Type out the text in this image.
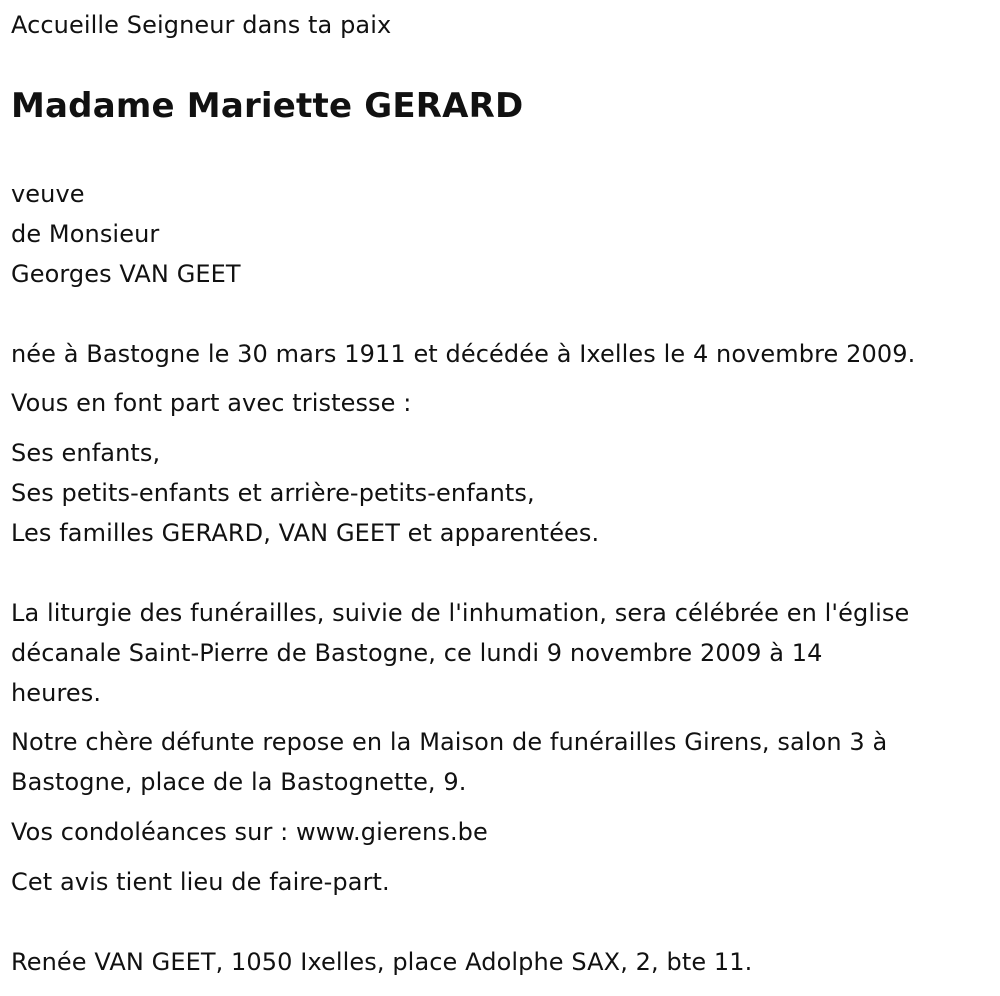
Accueille Seigneur dans ta paix
Madame Mariette GERARD
veuve
de Monsieur
Georges VAN GEET
née à Bastogne le 30 mars 1911 et décédée à Ixelles le 4 novembre 2009.
Vous en font part avec tristesse :
Ses enfants,
Ses petits-enfants et arrière-petits-enfants,
Les familles GERARD, VAN GEET et apparentées.
La liturgie des funérailles, suivie de l'inhumation, sera célébrée en l'église
décanale Saint-Pierre de Bastogne, ce lundi 9 novembre 2009 à 14
heures.
Notre chère défunte repose en la Maison de funérailles Girens, salon 3 à
Bastogne, place de la Bastognette, 9.
Vos condoléances sur : www.gierens.be
Cet avis tient lieu de faire-part.
Renée VAN GEET, 1050 Ixelles, place Adolphe SAX, 2, bte 11.
